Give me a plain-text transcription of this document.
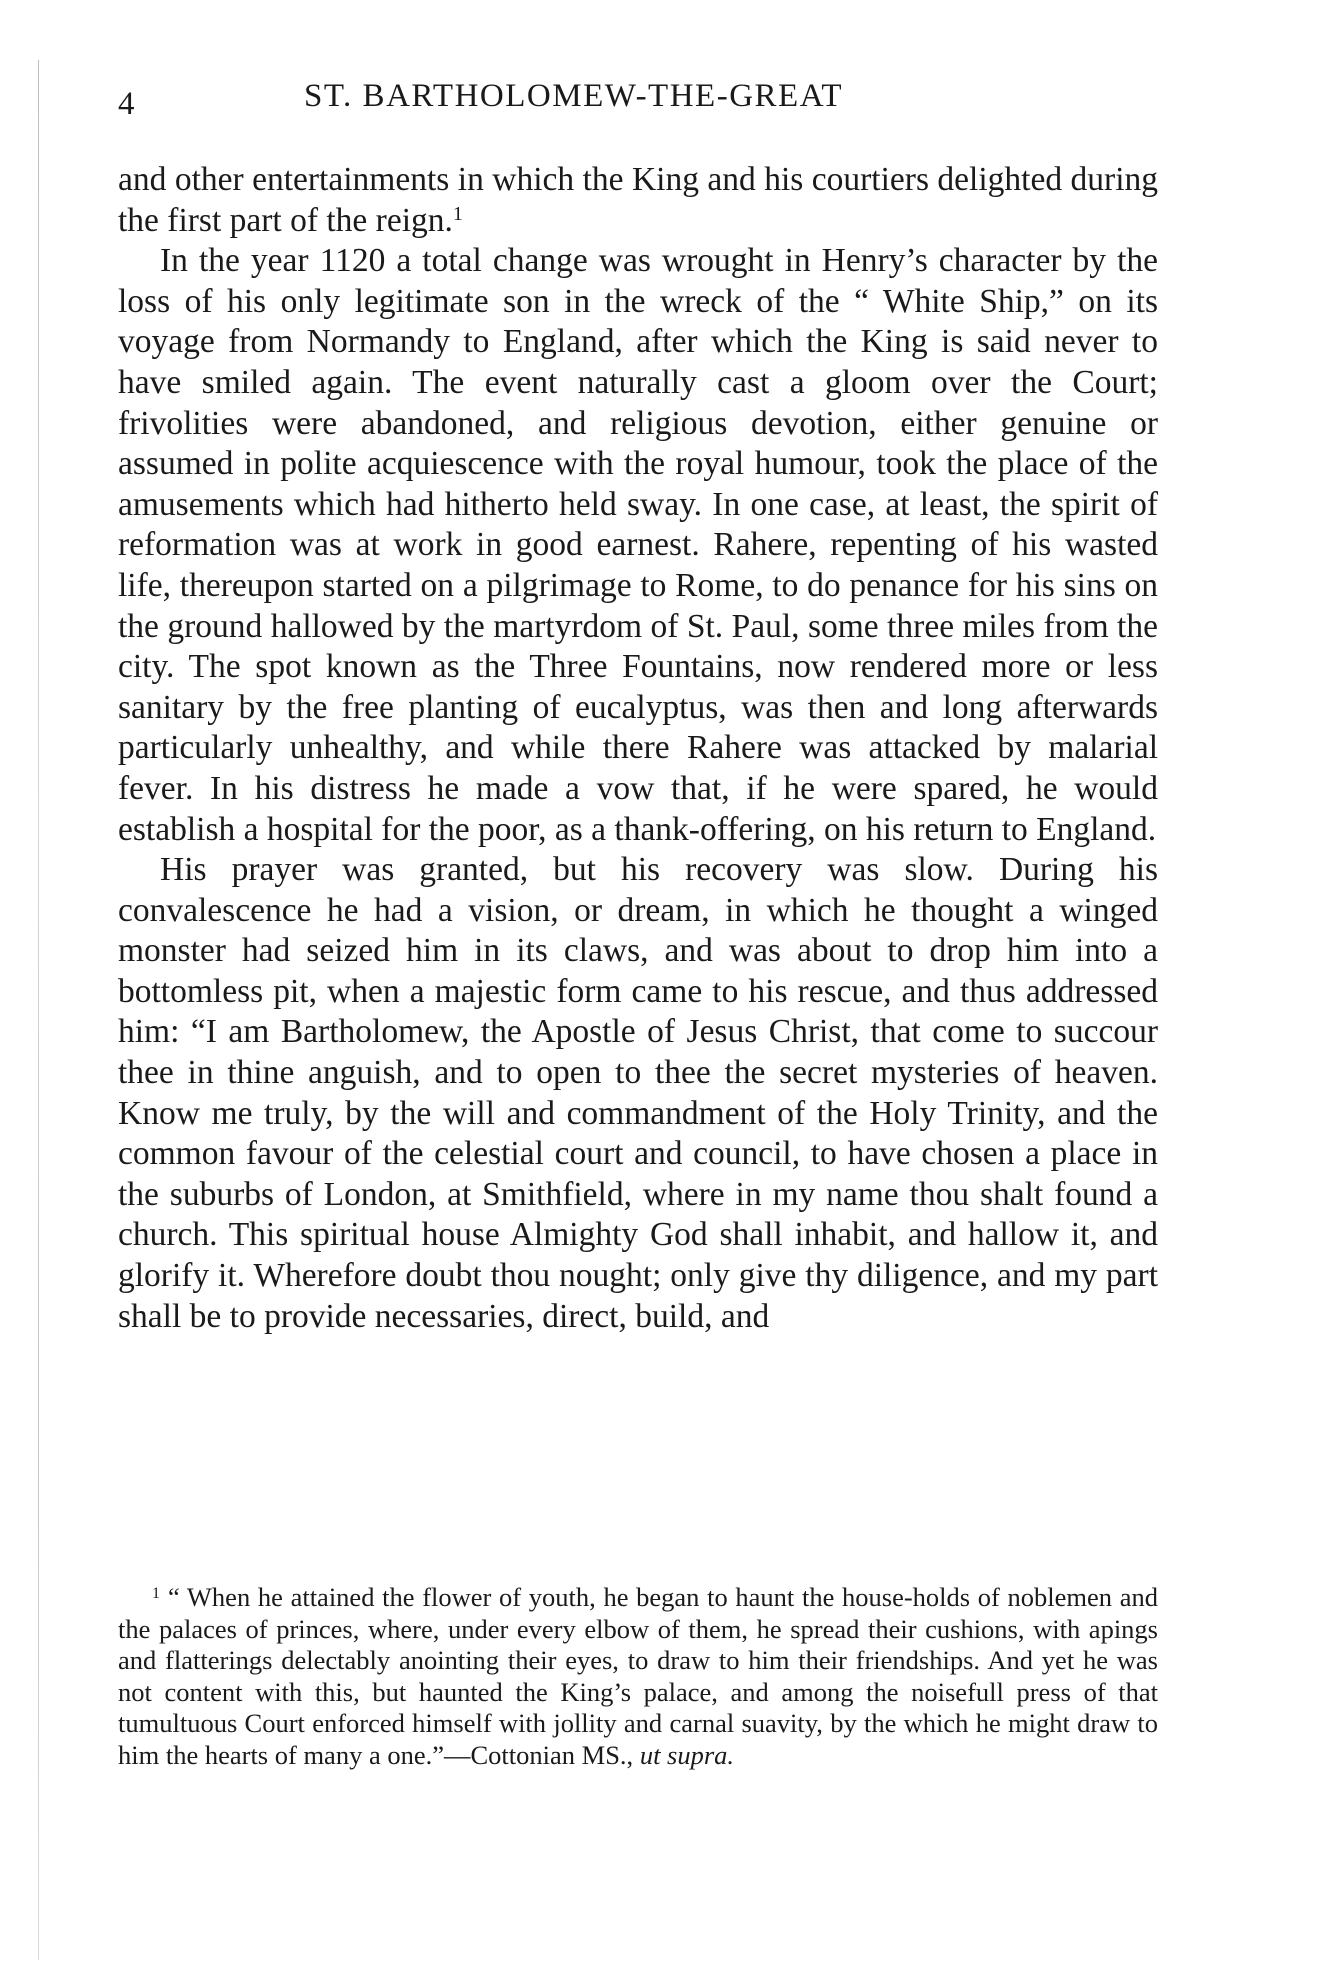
4	ST. BARTHOLOMEW-THE-GREAT

and other entertainments in which the King and his courtiers delighted during the first part of the reign.$^1$

In the year 1120 a total change was wrought in Henry’s character by the loss of his only legitimate son in the wreck of the “ White Ship,” on its voyage from Normandy to England, after which the King is said never to have smiled again. The event naturally cast a gloom over the Court; frivolities were abandoned, and religious devotion, either genuine or assumed in polite acquiescence with the royal humour, took the place of the amusements which had hitherto held sway. In one case, at least, the spirit of reformation was at work in good earnest. Rahere, repenting of his wasted life, thereupon started on a pilgrimage to Rome, to do penance for his sins on the ground hallowed by the martyrdom of St. Paul, some three miles from the city. The spot known as the Three Fountains, now rendered more or less sanitary by the free planting of eucalyptus, was then and long afterwards particularly unhealthy, and while there Rahere was attacked by malarial fever. In his distress he made a vow that, if he were spared, he would establish a hospital for the poor, as a thank-offering, on his return to England.

His prayer was granted, but his recovery was slow. During his convalescence he had a vision, or dream, in which he thought a winged monster had seized him in its claws, and was about to drop him into a bottomless pit, when a majestic form came to his rescue, and thus addressed him: “I am Bartholomew, the Apostle of Jesus Christ, that come to succour thee in thine anguish, and to open to thee the secret mysteries of heaven. Know me truly, by the will and commandment of the Holy Trinity, and the common favour of the celestial court and council, to have chosen a place in the suburbs of London, at Smithfield, where in my name thou shalt found a church. This spiritual house Almighty God shall inhabit, and hallow it, and glorify it. Wherefore doubt thou nought; only give thy diligence, and my part shall be to provide necessaries, direct, build, and

$^1$ “ When he attained the flower of youth, he began to haunt the house-holds of noblemen and the palaces of princes, where, under every elbow of them, he spread their cushions, with apings and flatterings delectably anointing their eyes, to draw to him their friendships. And yet he was not content with this, but haunted the King’s palace, and among the noisefull press of that tumultuous Court enforced himself with jollity and carnal suavity, by the which he might draw to him the hearts of many a one.”—Cottonian MS., ut supra.
